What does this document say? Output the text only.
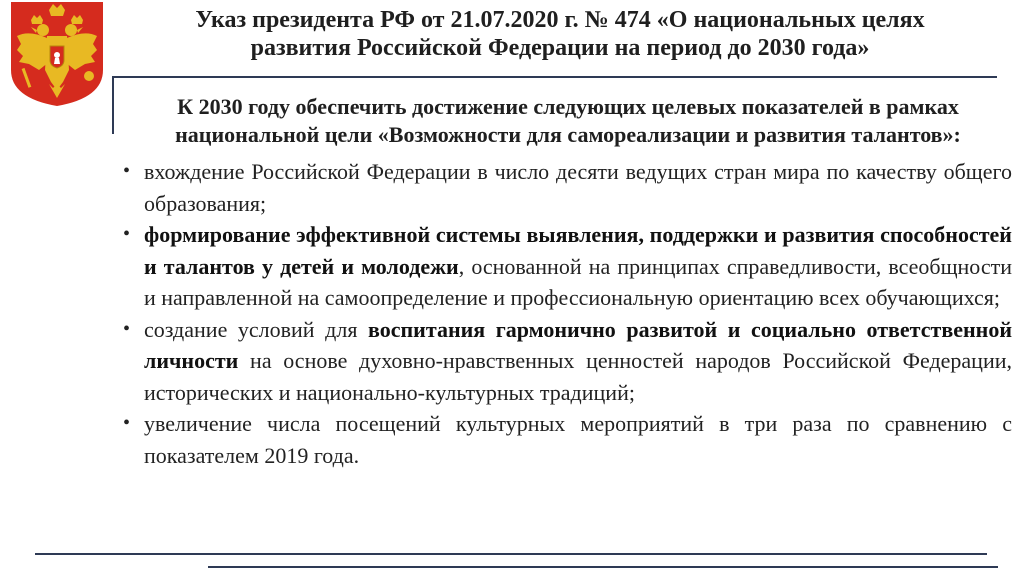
Указ президента РФ от 21.07.2020 г. № 474 «О национальных целях
развития Российской Федерации на период до 2030 года»
К 2030 году обеспечить достижение следующих целевых показателей в рамках
национальной цели «Возможности для самореализации и развития талантов»:
• вхождение Российской Федерации в число десяти ведущих стран мира по качеству общего образования;
• формирование эффективной системы выявления, поддержки и развития способностей и талантов у детей и молодежи, основанной на принципах справедливости, всеобщности и направленной на самоопределение и профессиональную ориентацию всех обучающихся;
• создание условий для воспитания гармонично развитой и социально ответственной личности на основе духовно-нравственных ценностей народов Российской Федерации, исторических и национально-культурных традиций;
• увеличение числа посещений культурных мероприятий в три раза по сравнению с показателем 2019 года.
